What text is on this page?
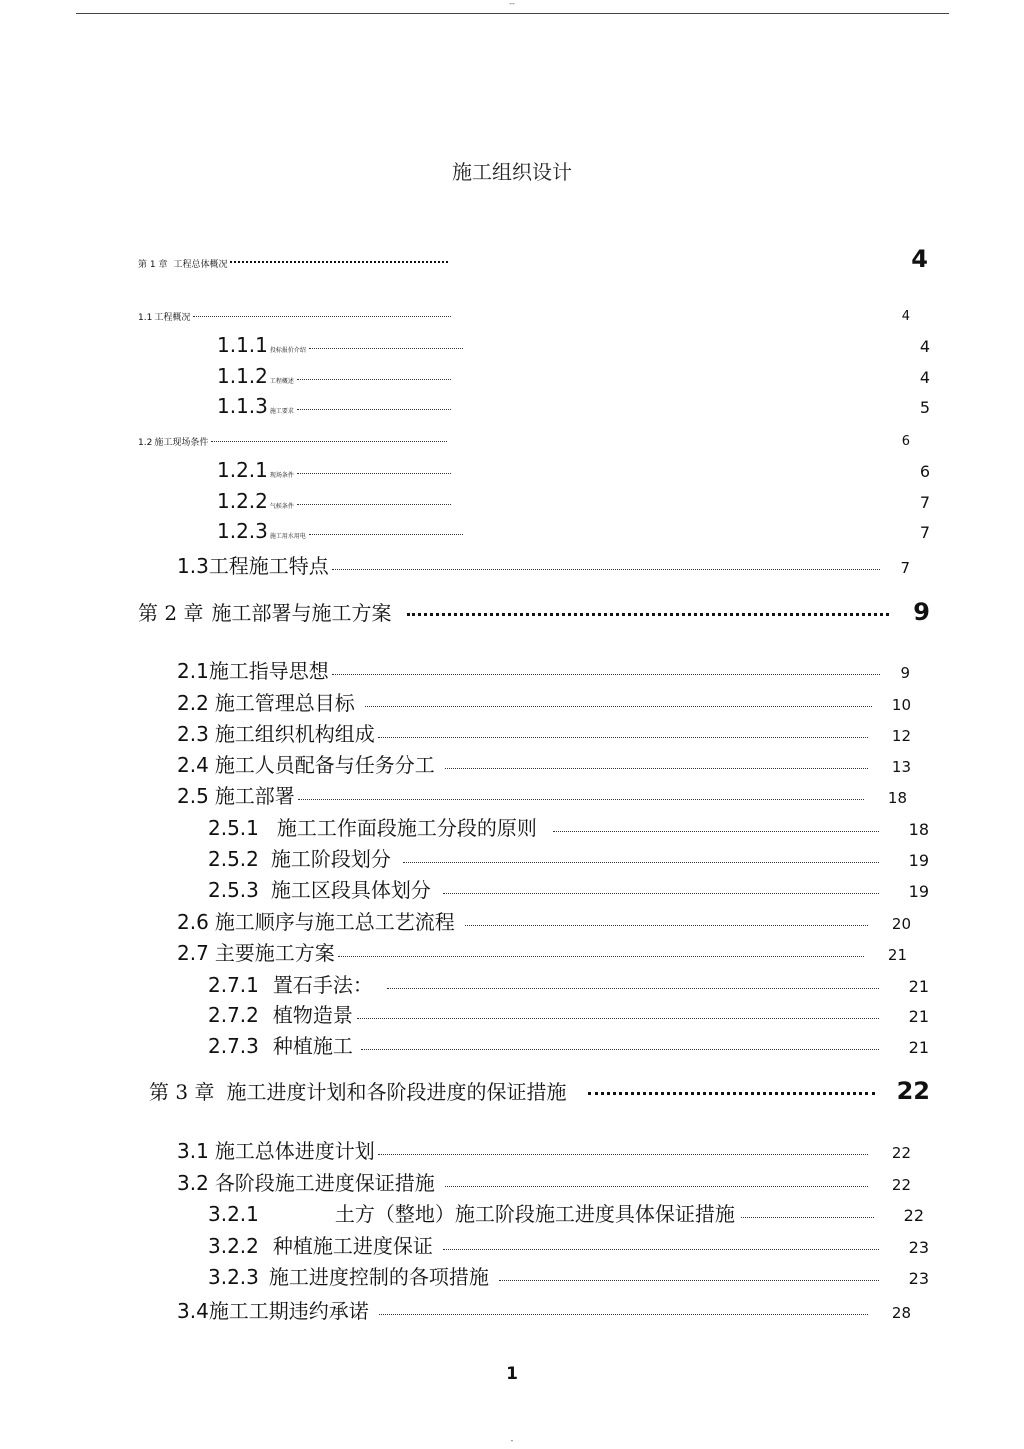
--
施工组织设计
第 1 章 工程总体概况	4
1.1 工程概况	4
1.1.1 投标报价介绍	4
1.1.2 工程概述	4
1.1.3 施工要求	5
1.2 施工现场条件	6
1.2.1 现场条件	6
1.2.2 气候条件	7
1.2.3 施工用水用电	7
1.3 工程施工特点	7
第 2 章 施工部署与施工方案	9
2.1 施工指导思想	9
2.2 施工管理总目标	10
2.3 施工组织机构组成	12
2.4 施工人员配备与任务分工	13
2.5 施工部署	18
2.5.1 施工工作面段施工分段的原则	18
2.5.2 施工阶段划分	19
2.5.3 施工区段具体划分	19
2.6 施工顺序与施工总工艺流程	20
2.7 主要施工方案	21
2.7.1 置石手法：	21
2.7.2 植物造景	21
2.7.3 种植施工	21
第 3 章 施工进度计划和各阶段进度的保证措施	22
3.1 施工总体进度计划	22
3.2 各阶段施工进度保证措施	22
3.2.1	土方（整地）施工阶段施工进度具体保证措施	22
3.2.2 种植施工进度保证	23
3.2.3 施工进度控制的各项措施	23
3.4 施工工期违约承诺	28
1
-
